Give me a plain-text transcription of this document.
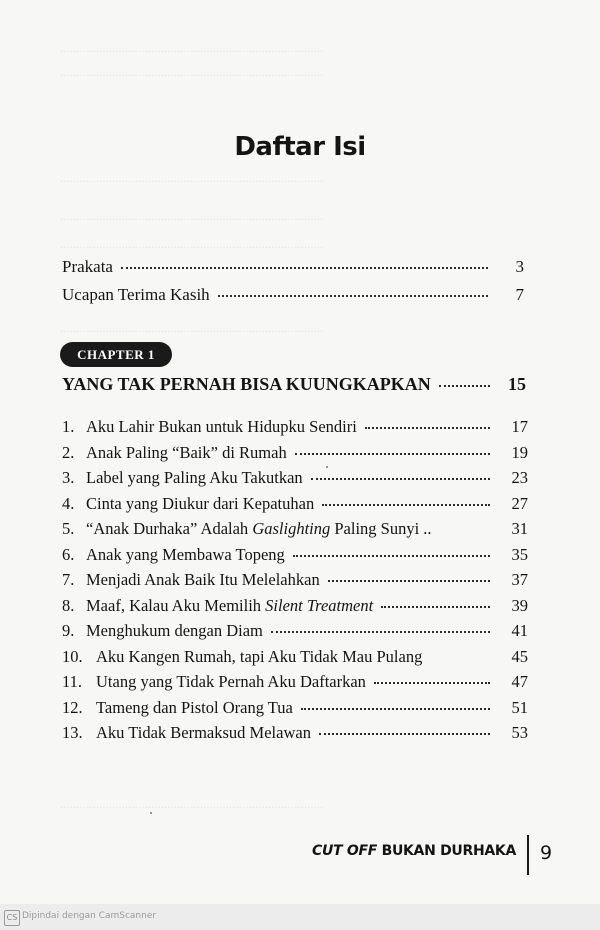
.................................................................................
.................................................................................
.................................................................................
.................................................................................
.................................................................................
.................................................................................
.................................................................................
Daftar Isi
Prakata	3
Ucapan Terima Kasih	7
CHAPTER 1
YANG TAK PERNAH BISA KUUNGKAPKAN	15
1. Aku Lahir Bukan untuk Hidupku Sendiri	17
2. Anak Paling “Baik” di Rumah	19
3. Label yang Paling Aku Takutkan	23
4. Cinta yang Diukur dari Kepatuhan	27
5. “Anak Durhaka” Adalah Gaslighting Paling Sunyi ..	31
6. Anak yang Membawa Topeng	35
7. Menjadi Anak Baik Itu Melelahkan	37
8. Maaf, Kalau Aku Memilih Silent Treatment	39
9. Menghukum dengan Diam	41
10. Aku Kangen Rumah, tapi Aku Tidak Mau Pulang	45
11. Utang yang Tidak Pernah Aku Daftarkan	47
12. Tameng dan Pistol Orang Tua	51
13. Aku Tidak Bermaksud Melawan	53
CUT OFF BUKAN DURHAKA 9
CS Dipindai dengan CamScanner
